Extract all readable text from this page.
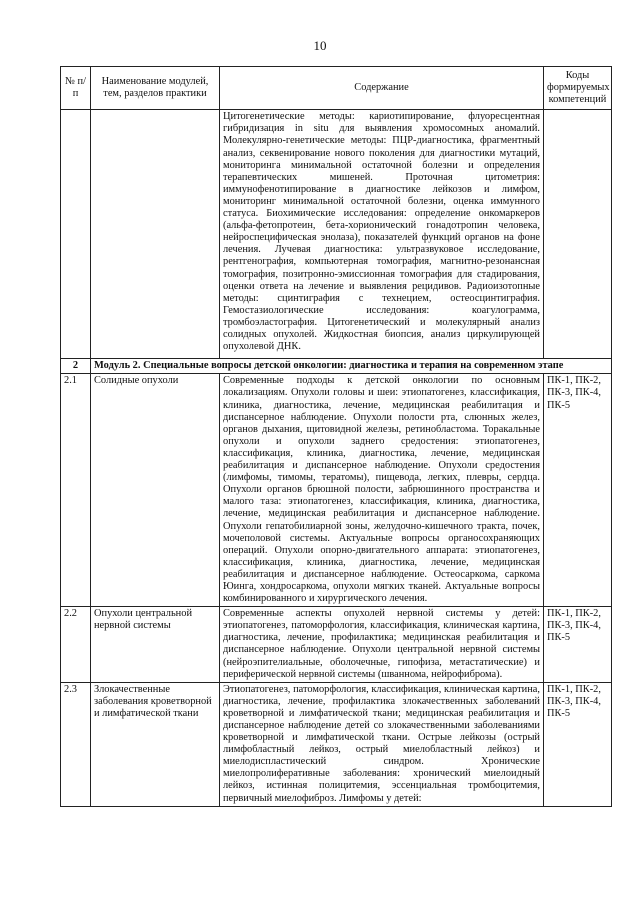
10
№ п/п	Наименование модулей, тем, разделов практики	Содержание	Коды формируемых компетенций
		Цитогенетические методы: кариотипирование, флуоресцентная гибридизация in situ для выявления хромосомных аномалий. Молекулярно-генетические методы: ПЦР-диагностика, фрагментный анализ, секвенирование нового поколения для диагностики мутаций, мониторинга минимальной остаточной болезни и определения терапевтических мишеней. Проточная цитометрия: иммунофенотипирование в диагностике лейкозов и лимфом, мониторинг минимальной остаточной болезни, оценка иммунного статуса. Биохимические исследования: определение онкомаркеров (альфа-фетопротеин, бета-хорионический гонадотропин человека, нейроспецифическая энолаза), показателей функций органов на фоне лечения. Лучевая диагностика: ультразвуковое исследование, рентгенография, компьютерная томография, магнитно-резонансная томография, позитронно-эмиссионная томография для стадирования, оценки ответа на лечение и выявления рецидивов. Радиоизотопные методы: сцинтиграфия с технецием, остеосцинтиграфия. Гемостазиологические исследования: коагулограмма, тромбоэластография. Цитогенетический и молекулярный анализ солидных опухолей. Жидкостная биопсия, анализ циркулирующей опухолевой ДНК.	
2	Модуль 2. Специальные вопросы детской онкологии: диагностика и терапия на современном этапе		
2.1	Солидные опухоли	Современные подходы к детской онкологии по основным локализациям. Опухоли головы и шеи: этиопатогенез, классификация, клиника, диагностика, лечение, медицинская реабилитация и диспансерное наблюдение. Опухоли полости рта, слюнных желез, органов дыхания, щитовидной железы, ретинобластома. Торакальные опухоли и опухоли заднего средостения: этиопатогенез, классификация, клиника, диагностика, лечение, медицинская реабилитация и диспансерное наблюдение. Опухоли средостения (лимфомы, тимомы, тератомы), пищевода, легких, плевры, сердца. Опухоли органов брюшной полости, забрюшинного пространства и малого таза: этиопатогенез, классификация, клиника, диагностика, лечение, медицинская реабилитация и диспансерное наблюдение. Опухоли гепатобилиарной зоны, желудочно-кишечного тракта, почек, мочеполовой системы. Актуальные вопросы органосохраняющих операций. Опухоли опорно-двигательного аппарата: этиопатогенез, классификация, клиника, диагностика, лечение, медицинская реабилитация и диспансерное наблюдение. Остеосаркома, саркома Юинга, хондросаркома, опухоли мягких тканей. Актуальные вопросы комбинированного и хирургического лечения.	ПК-1, ПК-2, ПК-3, ПК-4, ПК-5
2.2	Опухоли центральной нервной системы	Современные аспекты опухолей нервной системы у детей: этиопатогенез, патоморфология, классификация, клиническая картина, диагностика, лечение, профилактика; медицинская реабилитация и диспансерное наблюдение. Опухоли центральной нервной системы (нейроэпителиальные, оболочечные, гипофиза, метастатические) и периферической нервной системы (шваннома, нейрофиброма).	ПК-1, ПК-2, ПК-3, ПК-4, ПК-5
2.3	Злокачественные заболевания кроветворной и лимфатической ткани	Этиопатогенез, патоморфология, классификация, клиническая картина, диагностика, лечение, профилактика злокачественных заболеваний кроветворной и лимфатической ткани; медицинская реабилитация и диспансерное наблюдение детей со злокачественными заболеваниями кроветворной и лимфатической ткани. Острые лейкозы (острый лимфобластный лейкоз, острый миелобластный лейкоз) и миелодиспластический синдром. Хронические миелопролиферативные заболевания: хронический миелоидный лейкоз, истинная полицитемия, эссенциальная тромбоцитемия, первичный миелофиброз. Лимфомы у детей:	ПК-1, ПК-2, ПК-3, ПК-4, ПК-5
